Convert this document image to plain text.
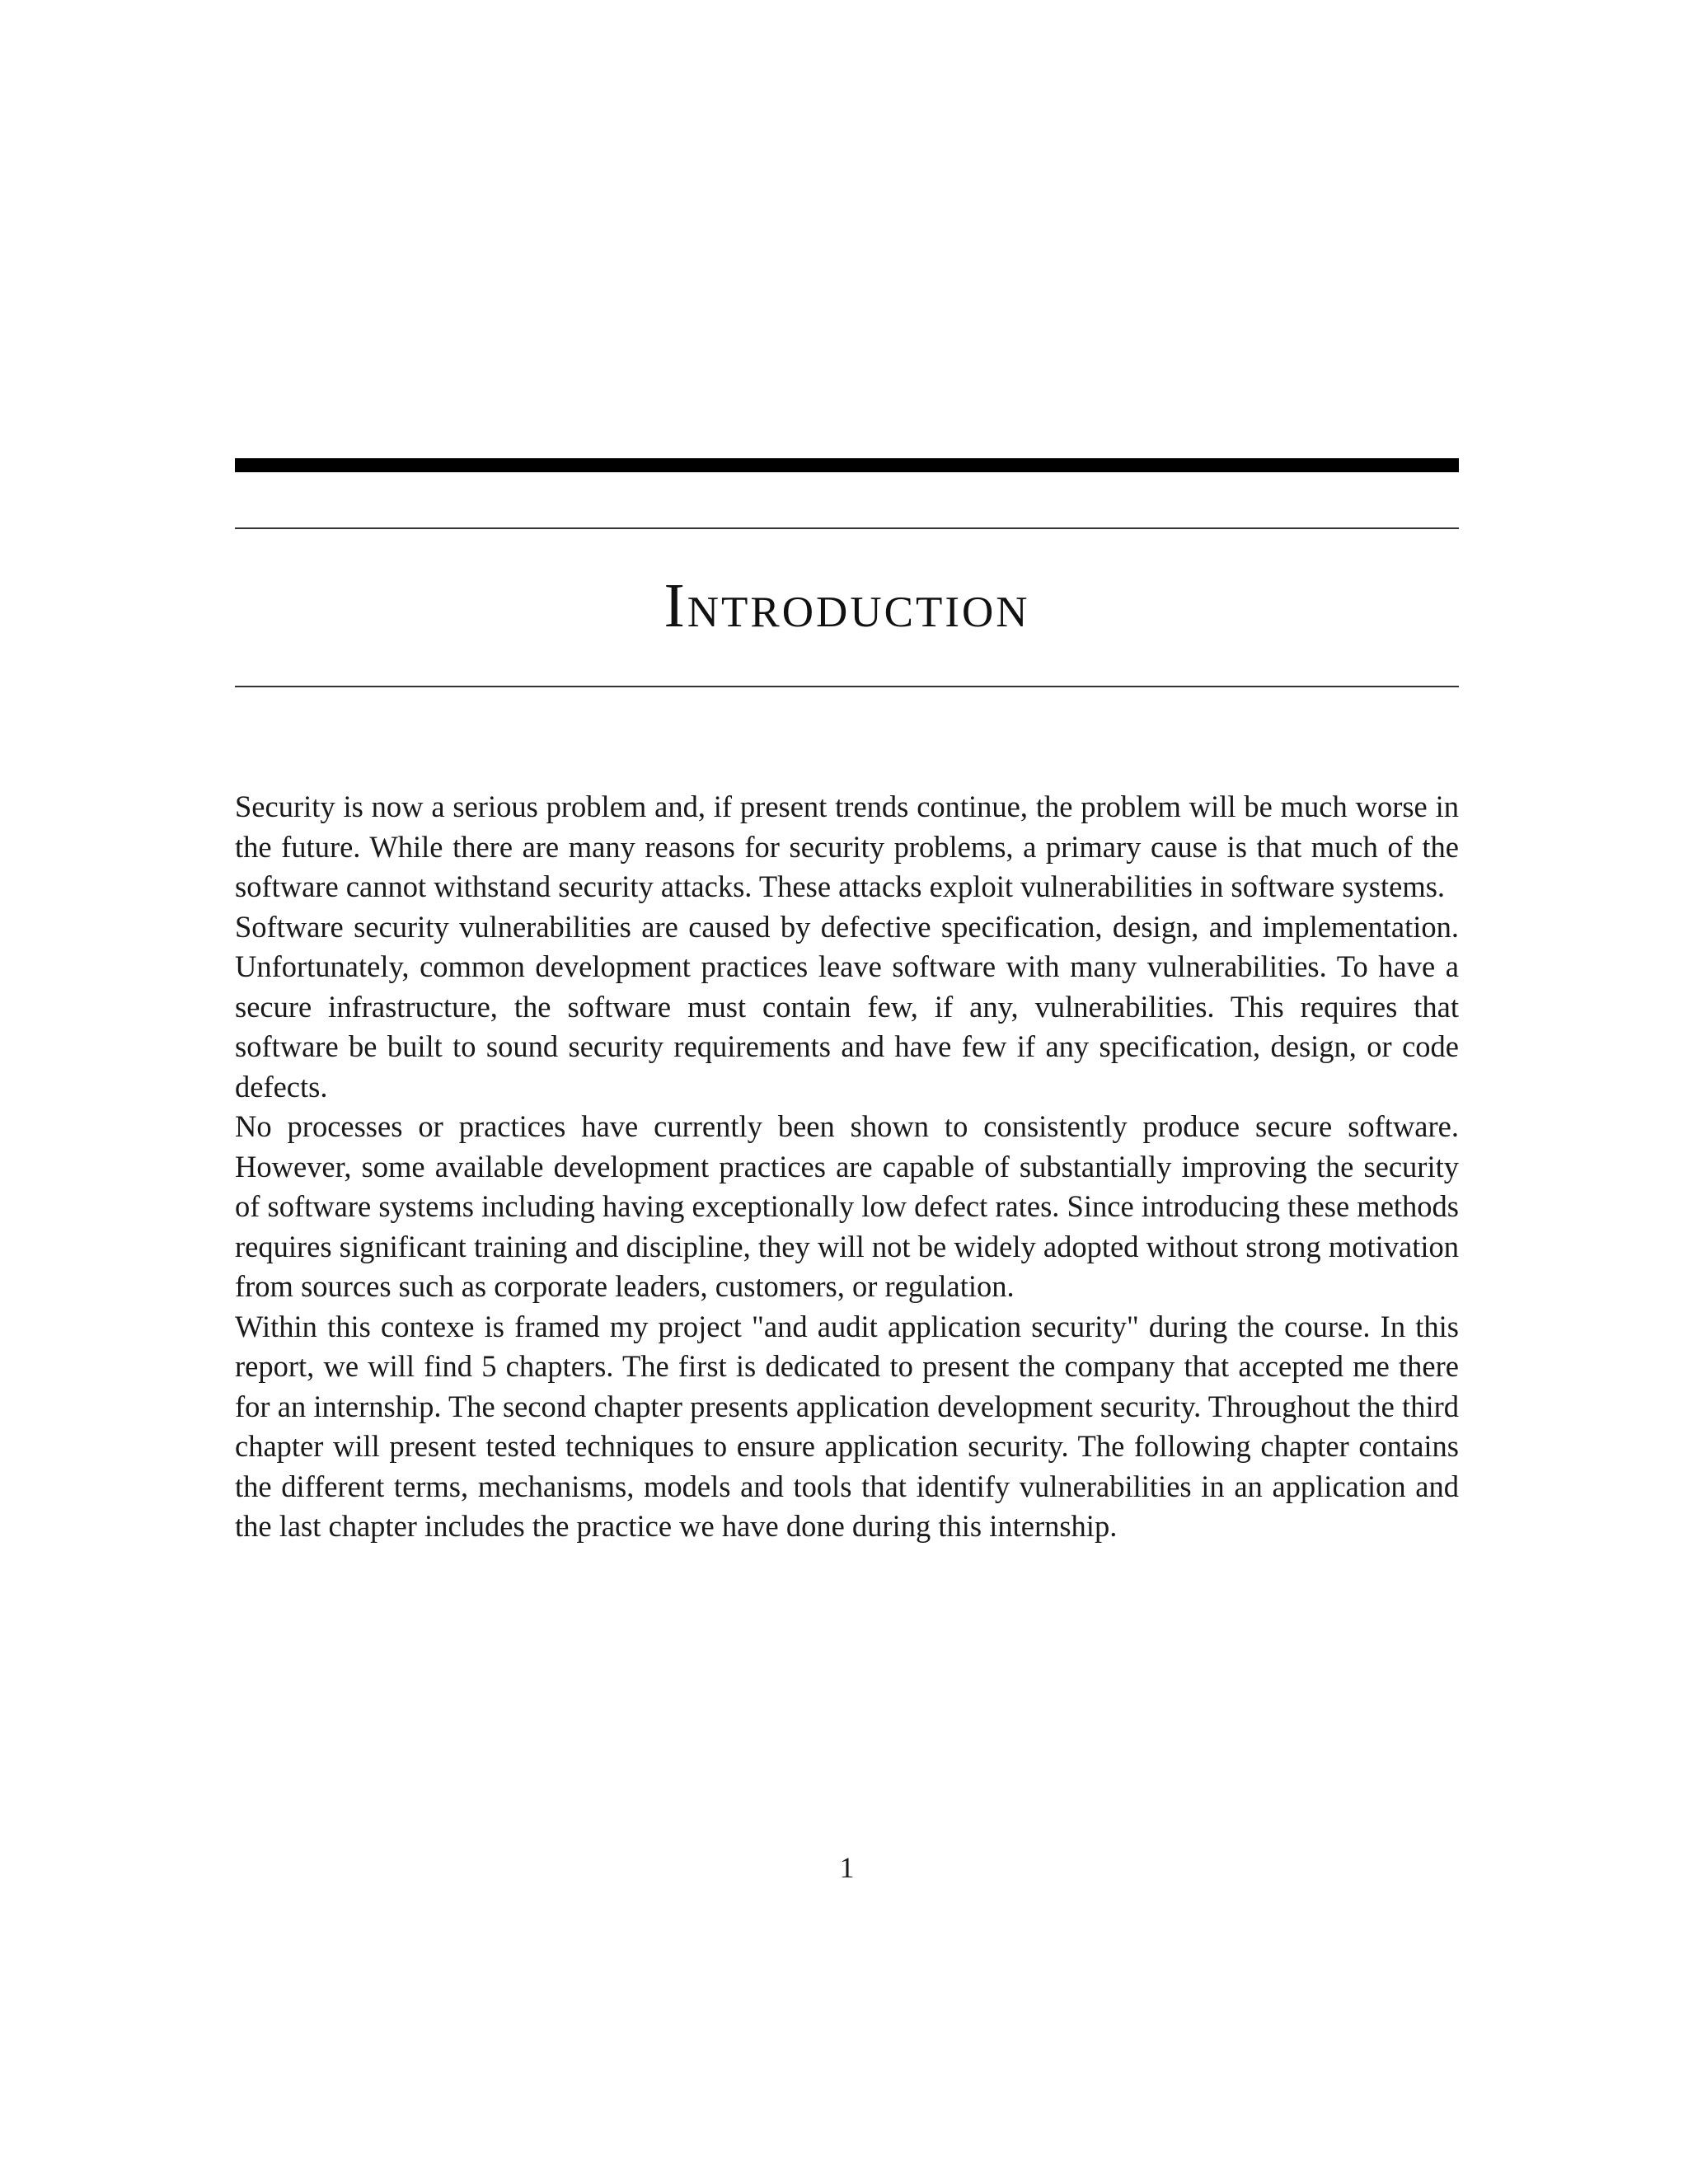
Introduction

Security is now a serious problem and, if present trends continue, the problem will be much worse in the future. While there are many reasons for security problems, a primary cause is that much of the software cannot withstand security attacks. These attacks exploit vulnerabilities in software systems.

Software security vulnerabilities are caused by defective specification, design, and implementation. Unfortunately, common development practices leave software with many vulnerabilities. To have a secure infrastructure, the software must contain few, if any, vulnerabilities. This requires that software be built to sound security requirements and have few if any specification, design, or code defects.

No processes or practices have currently been shown to consistently produce secure software. However, some available development practices are capable of substantially improving the security of software systems including having exceptionally low defect rates. Since introducing these methods requires significant training and discipline, they will not be widely adopted without strong motivation from sources such as corporate leaders, customers, or regulation.

Within this contexe is framed my project "and audit application security" during the course. In this report, we will find 5 chapters. The first is dedicated to present the company that accepted me there for an internship. The second chapter presents application development security. Throughout the third chapter will present tested techniques to ensure application security. The following chapter contains the different terms, mechanisms, models and tools that identify vulnerabilities in an application and the last chapter includes the practice we have done during this internship.

1
